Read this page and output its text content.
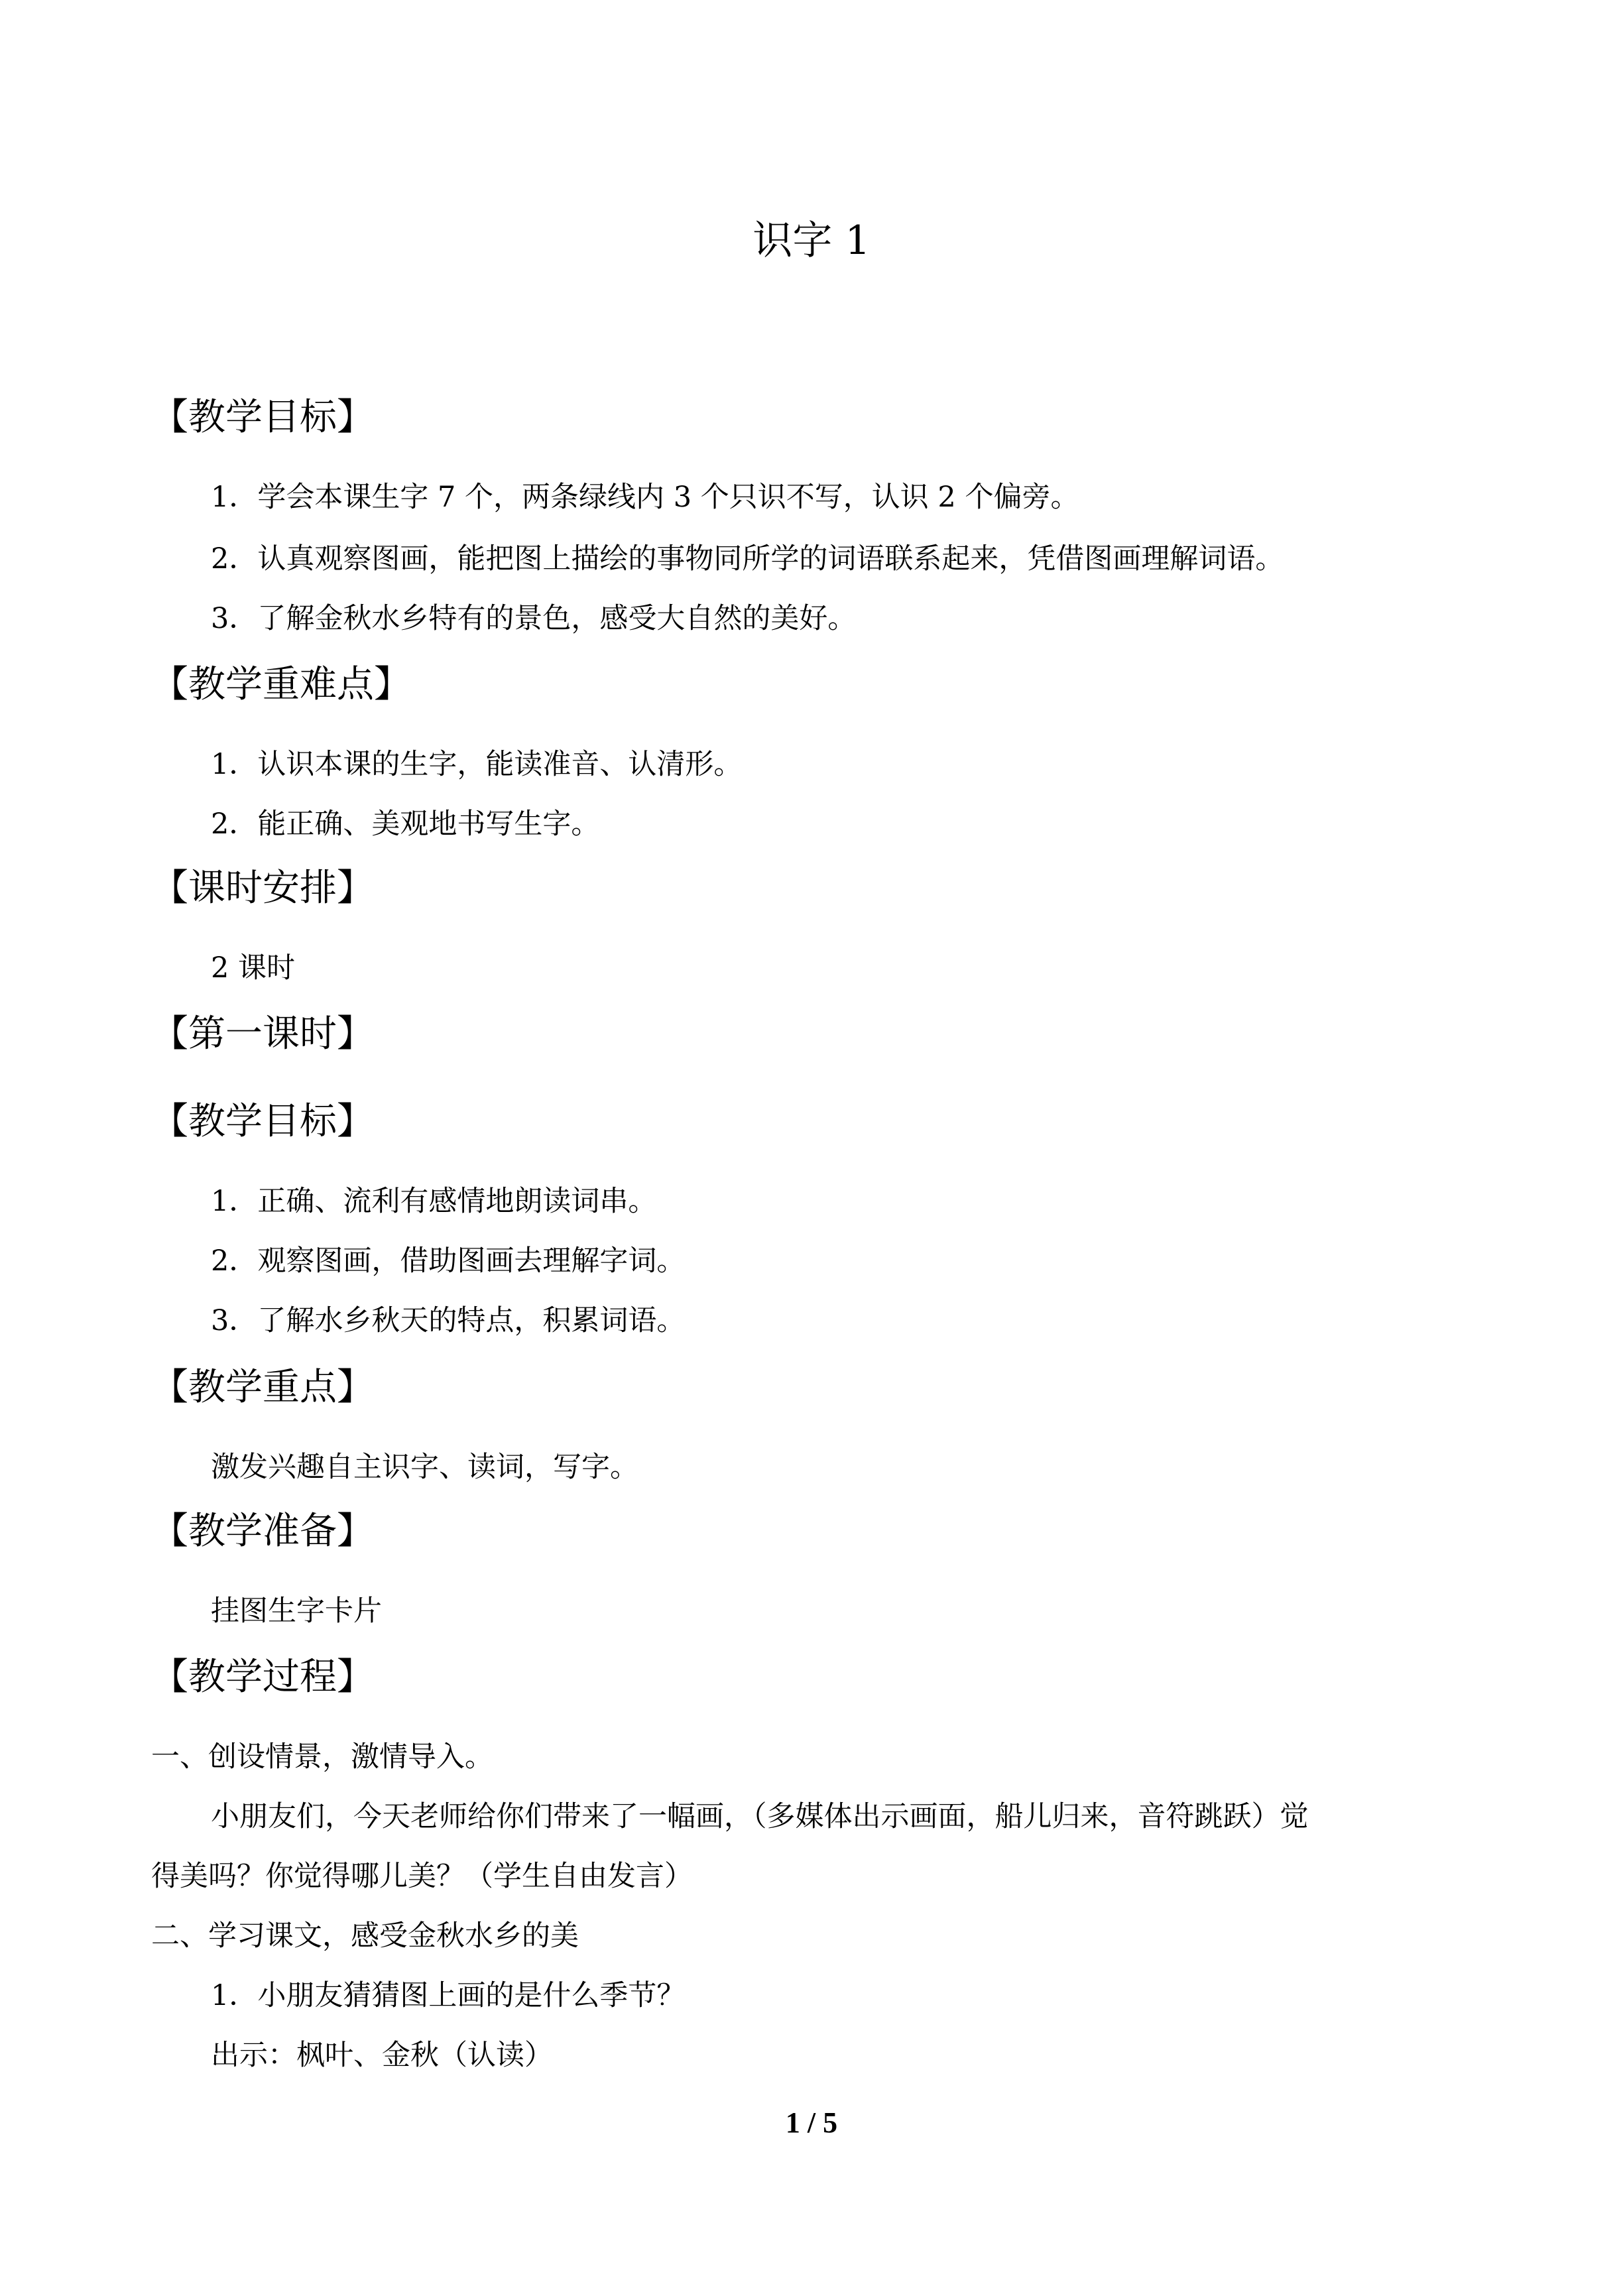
识字 1
【教学目标】
1．学会本课生字 7 个，两条绿线内 3 个只识不写，认识 2 个偏旁。
2．认真观察图画，能把图上描绘的事物同所学的词语联系起来，凭借图画理解词语。
3．了解金秋水乡特有的景色，感受大自然的美好。
【教学重难点】
1．认识本课的生字，能读准音、认清形。
2．能正确、美观地书写生字。
【课时安排】
2 课时
【第一课时】
【教学目标】
1．正确、流利有感情地朗读词串。
2．观察图画，借助图画去理解字词。
3．了解水乡秋天的特点，积累词语。
【教学重点】
激发兴趣自主识字、读词，写字。
【教学准备】
挂图生字卡片
【教学过程】
一、创设情景，激情导入。
小朋友们，今天老师给你们带来了一幅画，（多媒体出示画面，船儿归来，音符跳跃）觉
得美吗？你觉得哪儿美？（学生自由发言）
二、学习课文，感受金秋水乡的美
1．小朋友猜猜图上画的是什么季节？
出示：枫叶、金秋（认读）
1 / 5
